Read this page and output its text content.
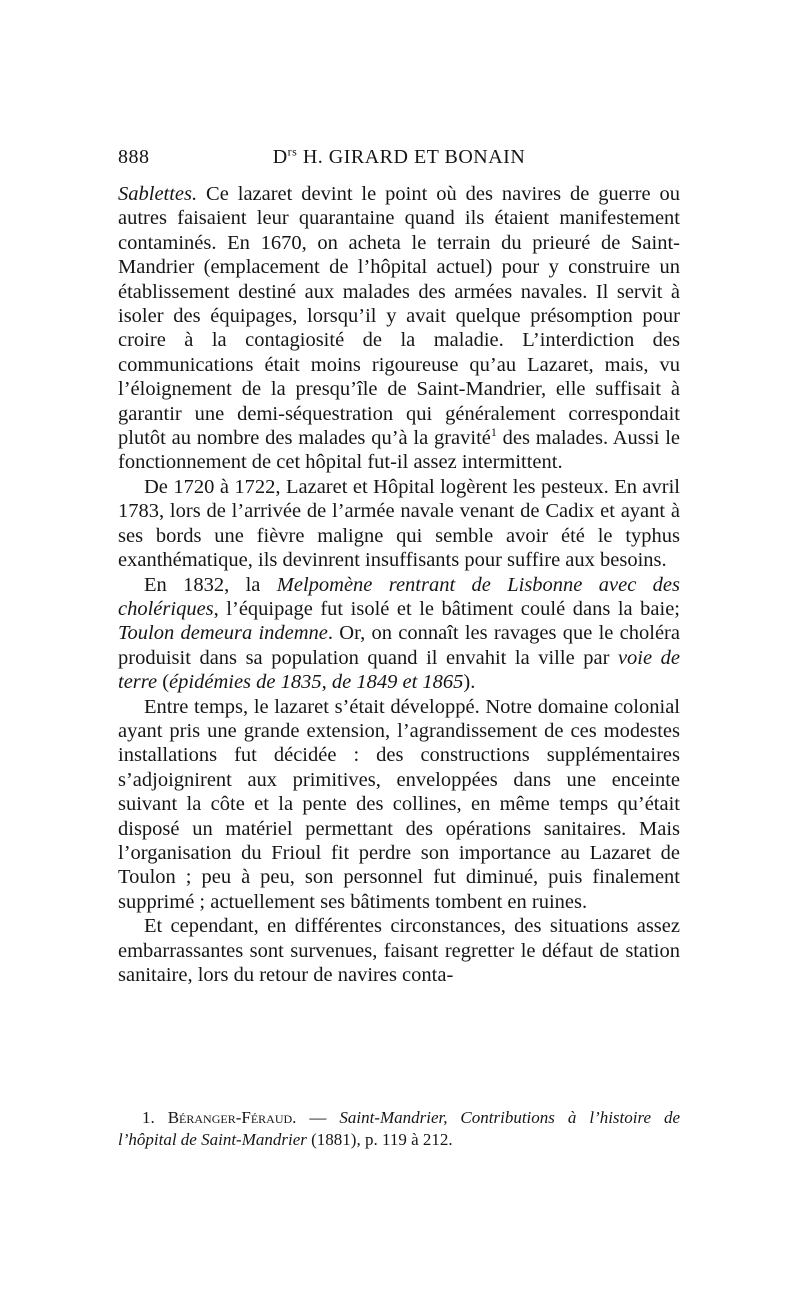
888	$D^{rs}$ H. GIRARD ET BONAIN

Sablettes. Ce lazaret devint le point où des navires de guerre ou autres faisaient leur quarantaine quand ils étaient manifestement contaminés. En 1670, on acheta le terrain du prieuré de Saint-Mandrier (emplacement de l’hôpital actuel) pour y construire un établissement destiné aux malades des armées navales. Il servit à isoler des équipages, lorsqu’il y avait quelque présomption pour croire à la contagiosité de la maladie. L’interdiction des communications était moins rigoureuse qu’au Lazaret, mais, vu l’éloignement de la presqu’île de Saint-Mandrier, elle suffisait à garantir une demi-séquestration qui généralement correspondait plutôt au nombre des malades qu’à la gravité$^1$ des malades. Aussi le fonctionnement de cet hôpital fut-il assez intermittent.

De 1720 à 1722, Lazaret et Hôpital logèrent les pesteux. En avril 1783, lors de l’arrivée de l’armée navale venant de Cadix et ayant à ses bords une fièvre maligne qui semble avoir été le typhus exanthématique, ils devinrent insuffisants pour suffire aux besoins.

En 1832, la Melpomène rentrant de Lisbonne avec des cholériques, l’équipage fut isolé et le bâtiment coulé dans la baie; Toulon demeura indemne. Or, on connaît les ravages que le choléra produisit dans sa population quand il envahit la ville par voie de terre (épidémies de 1835, de 1849 et 1865).

Entre temps, le lazaret s’était développé. Notre domaine colonial ayant pris une grande extension, l’agrandissement de ces modestes installations fut décidée : des constructions supplémentaires s’adjoignirent aux primitives, enveloppées dans une enceinte suivant la côte et la pente des collines, en même temps qu’était disposé un matériel permettant des opérations sanitaires. Mais l’organisation du Frioul fit perdre son importance au Lazaret de Toulon ; peu à peu, son personnel fut diminué, puis finalement supprimé ; actuellement ses bâtiments tombent en ruines.

Et cependant, en différentes circonstances, des situations assez embarrassantes sont survenues, faisant regretter le défaut de station sanitaire, lors du retour de navires conta-

1. Béranger-Féraud. — Saint-Mandrier, Contributions à l’histoire de l’hôpital de Saint-Mandrier (1881), p. 119 à 212.
